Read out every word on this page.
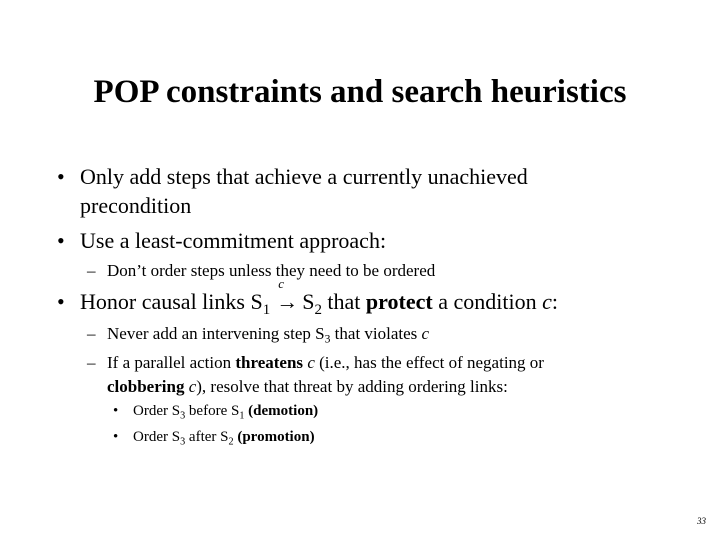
POP constraints and search heuristics
• Only add steps that achieve a currently unachieved
precondition
• Use a least-commitment approach:
– Don’t order steps unless they need to be ordered
• Honor causal links $S_1$
c
→ $S_2$ that protect a condition c:
– Never add an intervening step $S_3$ that violates c
– If a parallel action threatens c (i.e., has the effect of negating or
clobbering c), resolve that threat by adding ordering links:
• Order $S_3$ before $S_1$ (demotion)
• Order $S_3$ after $S_2$ (promotion)
33
